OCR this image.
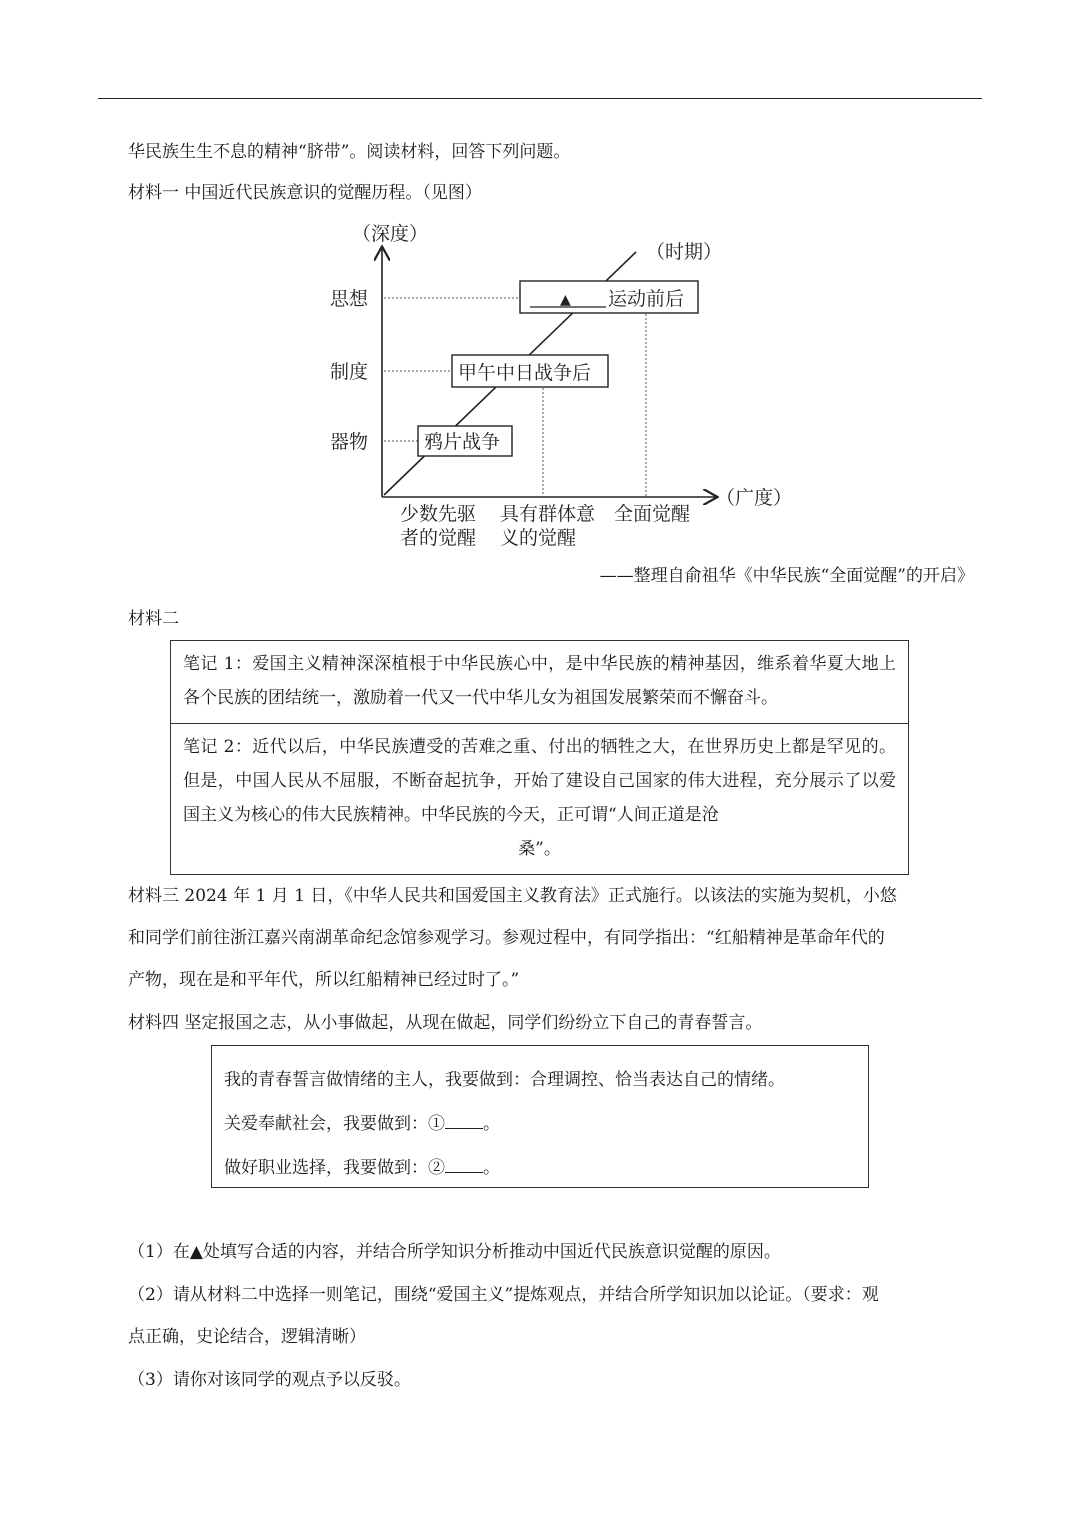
华民族生生不息的精神“脐带”。阅读材料，回答下列问题。
材料一 中国近代民族意识的觉醒历程。（见图）
（深度）
（广度）
（时期）
思想
制度
器物	鸦片战争
甲午中日战争后
▲ 运动前后
少数先驱
者的觉醒
具有群体意
义的觉醒
全面觉醒
——整理自俞祖华《中华民族“全面觉醒”的开启》
材料二
笔记 1：爱国主义精神深深植根于中华民族心中，是中华民族的精神基因，维系着华夏大地上各个民族的团结统一，激励着一代又一代中华儿女为祖国发展繁荣而不懈奋斗。
笔记 2：近代以后，中华民族遭受的苦难之重、付出的牺牲之大，在世界历史上都是罕见的。但是，中国人民从不屈服，不断奋起抗争，开始了建设自己国家的伟大进程，充分展示了以爱国主义为核心的伟大民族精神。中华民族的今天，正可谓“人间正道是沧
桑”。
材料三 2024 年 1 月 1 日，《中华人民共和国爱国主义教育法》正式施行。以该法的实施为契机，小悠
和同学们前往浙江嘉兴南湖革命纪念馆参观学习。参观过程中，有同学指出：“红船精神是革命年代的
产物，现在是和平年代，所以红船精神已经过时了。”
材料四 坚定报国之志，从小事做起，从现在做起，同学们纷纷立下自己的青春誓言。
我的青春誓言做情绪的主人，我要做到：合理调控、恰当表达自己的情绪。
关爱奉献社会，我要做到：① 。
做好职业选择，我要做到：② 。
（1）在▲处填写合适的内容，并结合所学知识分析推动中国近代民族意识觉醒的原因。
（2）请从材料二中选择一则笔记，围绕“爱国主义”提炼观点，并结合所学知识加以论证。（要求：观
点正确，史论结合，逻辑清晰）
（3）请你对该同学的观点予以反驳。
